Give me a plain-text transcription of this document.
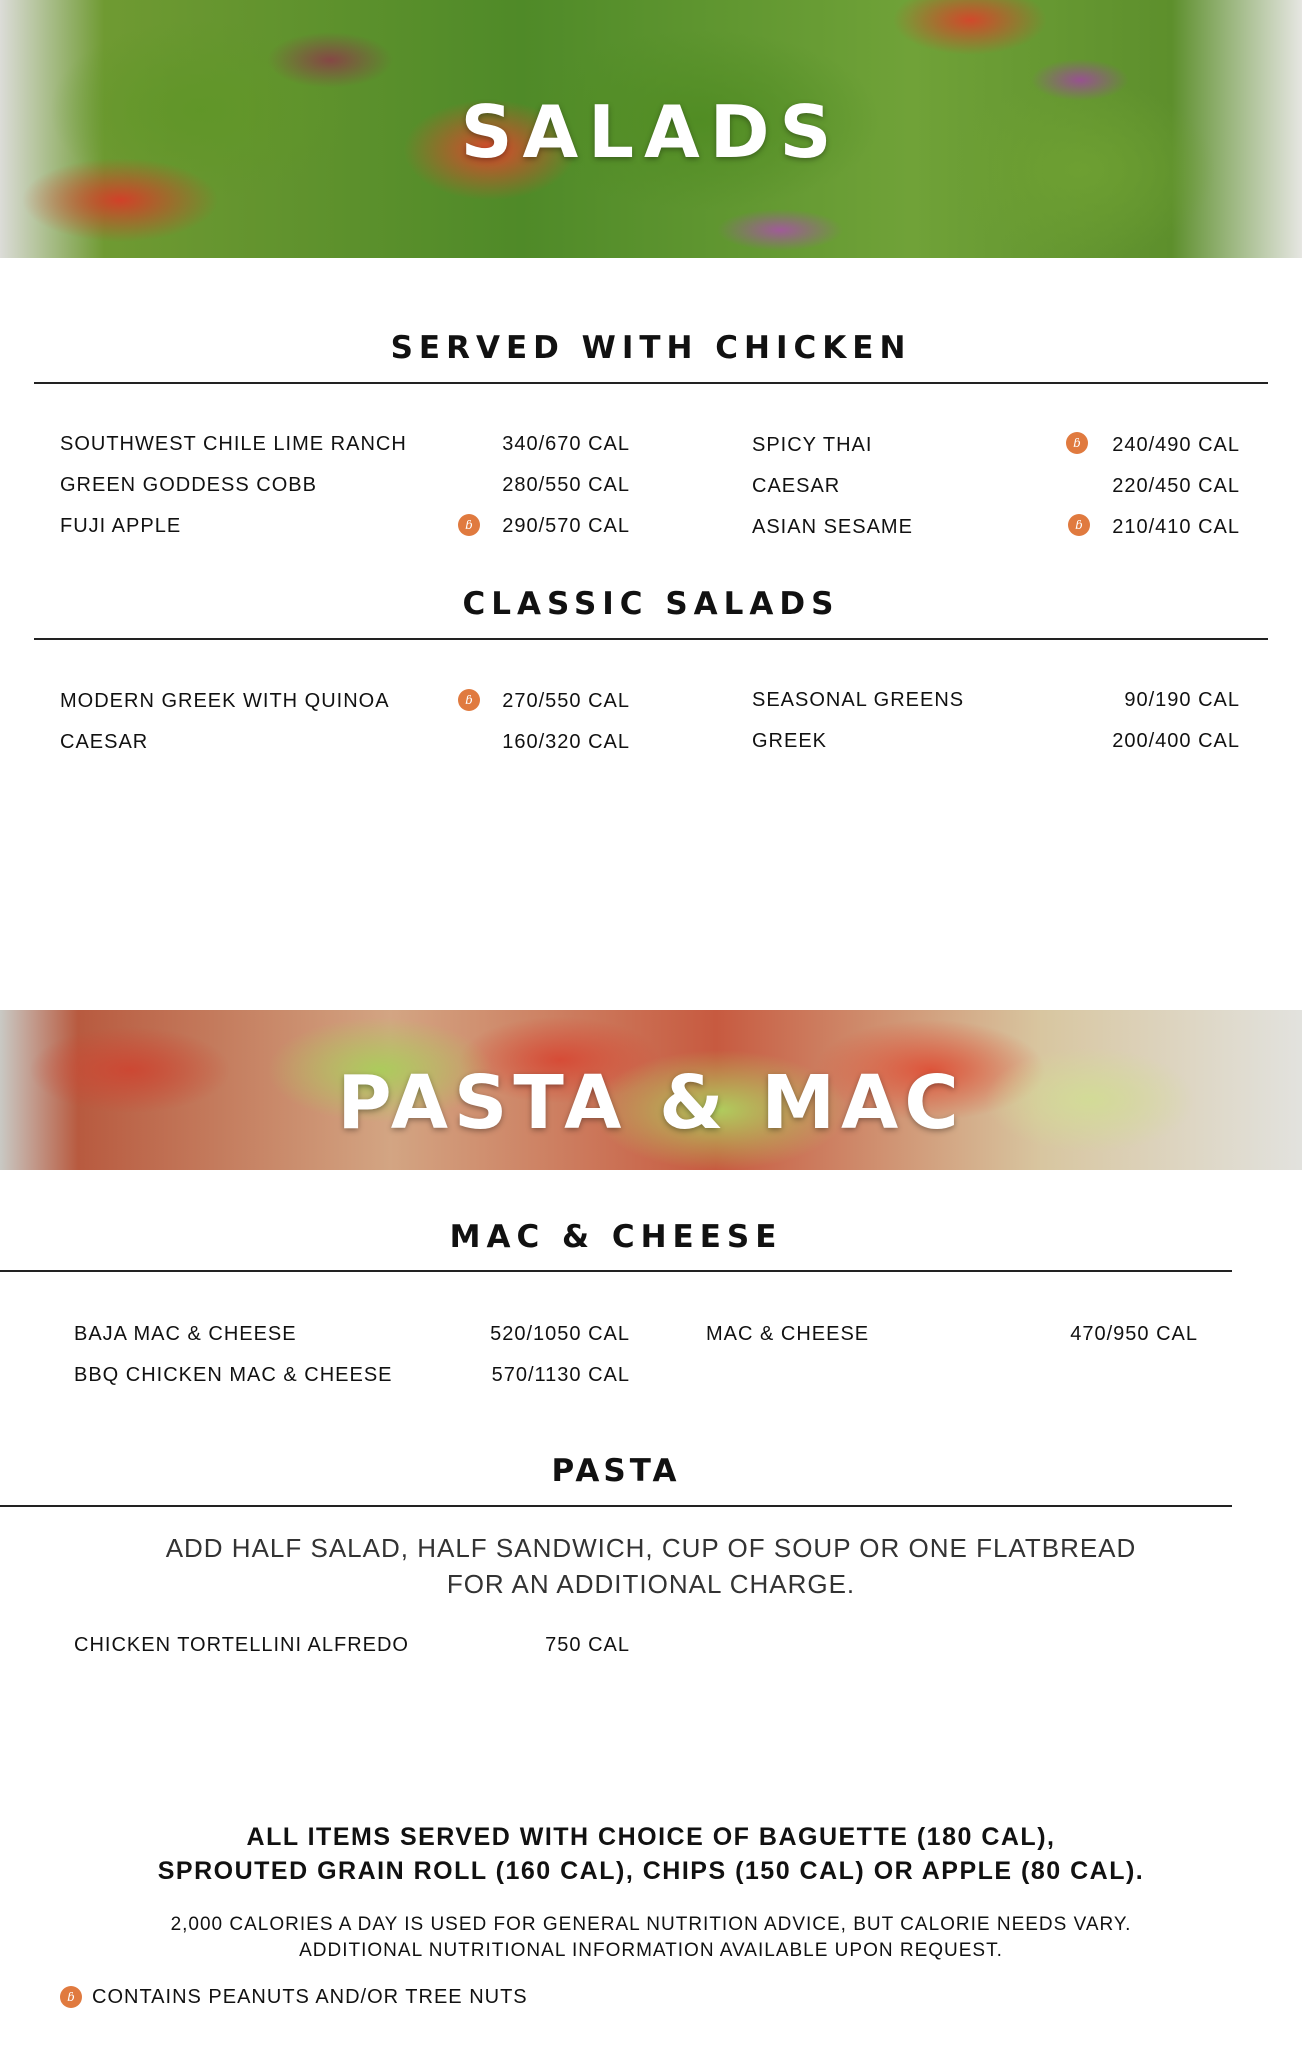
SALADS
SERVED WITH CHICKEN
SOUTHWEST CHILE LIME RANCH	340/670 CAL
GREEN GODDESS COBB	280/550 CAL
FUJI APPLE	ɓ	290/570 CAL
SPICY THAI	ɓ	240/490 CAL
CAESAR	220/450 CAL
ASIAN SESAME	ɓ	210/410 CAL
CLASSIC SALADS
MODERN GREEK WITH QUINOA	ɓ	270/550 CAL
CAESAR	160/320 CAL
SEASONAL GREENS	90/190 CAL
GREEK	200/400 CAL
PASTA & MAC
MAC & CHEESE
BAJA MAC & CHEESE	520/1050 CAL
BBQ CHICKEN MAC & CHEESE	570/1130 CAL
MAC & CHEESE	470/950 CAL
PASTA
ADD HALF SALAD, HALF SANDWICH, CUP OF SOUP OR ONE FLATBREAD
FOR AN ADDITIONAL CHARGE.
CHICKEN TORTELLINI ALFREDO	750 CAL
ALL ITEMS SERVED WITH CHOICE OF BAGUETTE (180 CAL),
SPROUTED GRAIN ROLL (160 CAL), CHIPS (150 CAL) OR APPLE (80 CAL).
2,000 CALORIES A DAY IS USED FOR GENERAL NUTRITION ADVICE, BUT CALORIE NEEDS VARY.
ADDITIONAL NUTRITIONAL INFORMATION AVAILABLE UPON REQUEST.
ɓ CONTAINS PEANUTS AND/OR TREE NUTS
